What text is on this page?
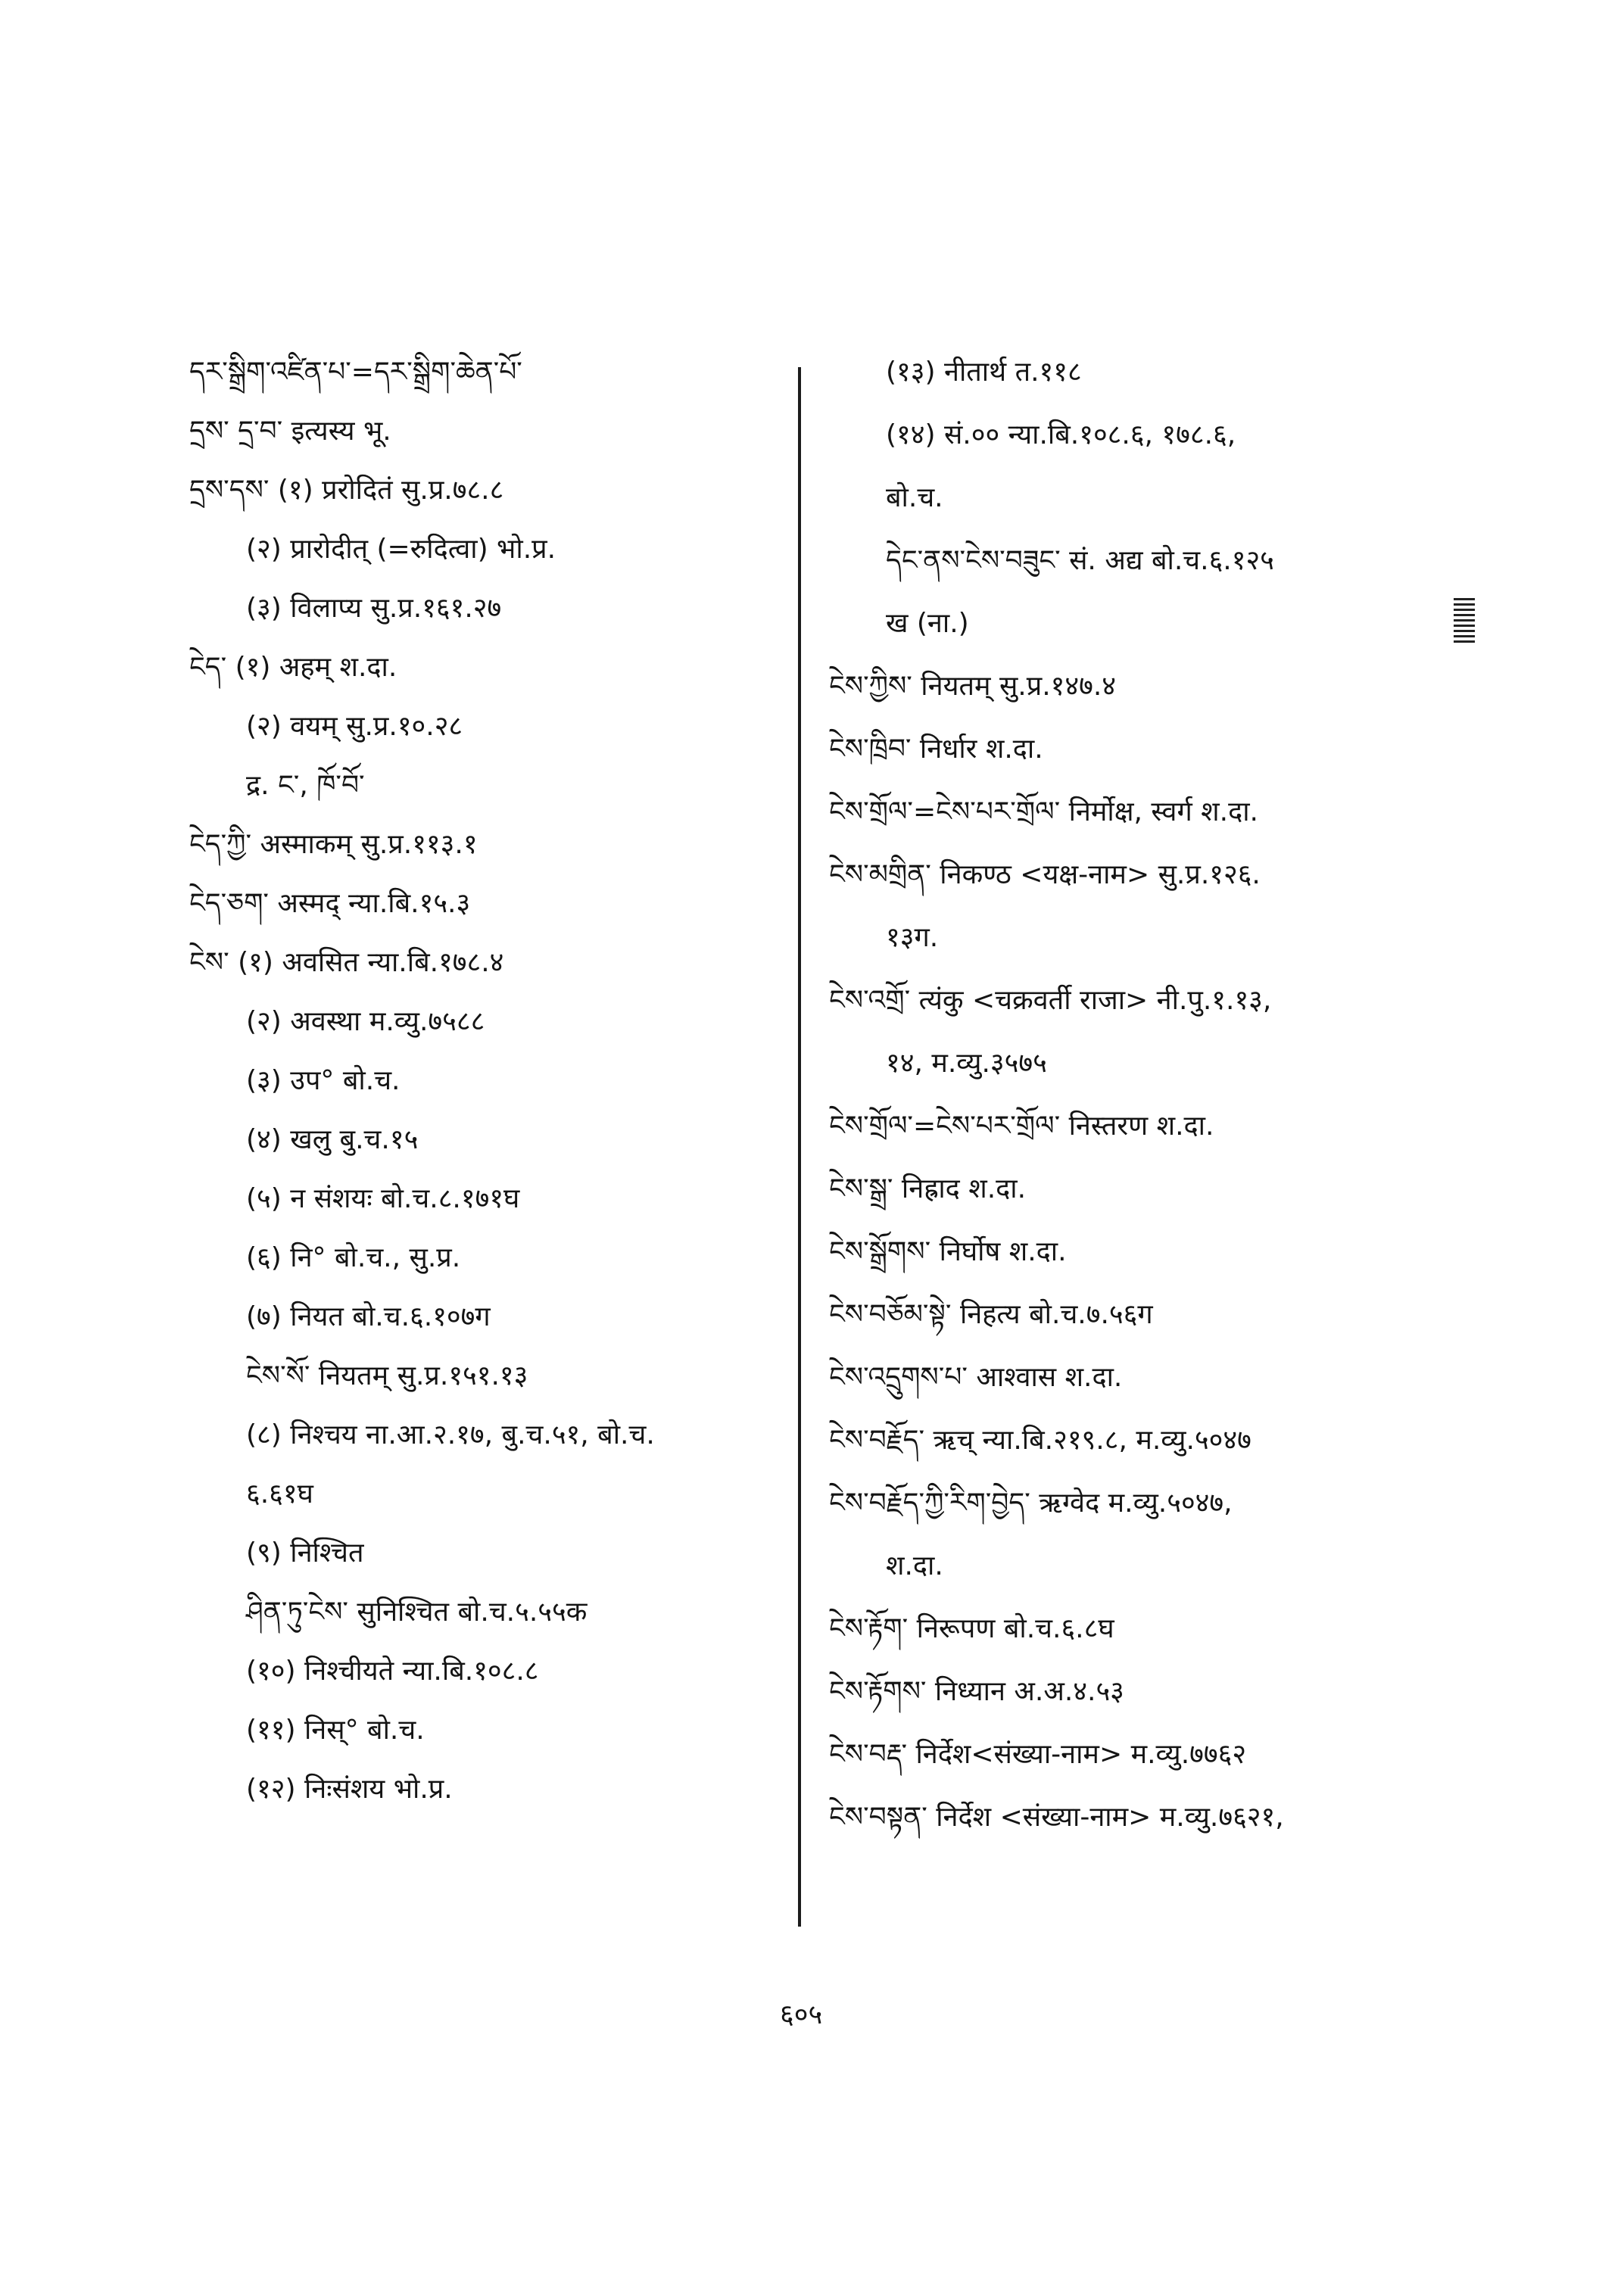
དར་སྒྲིག་འཛིན་པ་=དར་སྒྲིག་ཆེན་པོ་
དྲས་ དྲ་བ་ इत्यस्य भू.
དྲས་དས་ (१) प्ररोदितं सु.प्र.७८.८
(२) प्रारोदीत् (=रुदित्वा) भो.प्र.
(३) विलाप्य सु.प्र.१६१.२७
ངེད་ (१) अहम् श.दा.
(२) वयम् सु.प्र.१०.२८
द्र. ང་, ཁོ་བོ་
ངེད་ཀྱི་ अस्माकम् सु.प्र.११३.१
ངེད་ཅག་ अस्मद् न्या.बि.१५.३
ངེས་ (१) अवसित न्या.बि.१७८.४
(२) अवस्था म.व्यु.७५८८
(३) उप° बो.च.
(४) खलु बु.च.१५
(५) न संशयः बो.च.८.१७१घ
(६) नि° बो.च., सु.प्र.
(७) नियत बो.च.६.१०७ग
ངེས་སོ་ नियतम् सु.प्र.१५१.१३
(८) निश्चय ना.आ.२.१७, बु.च.५१, बो.च.
६.६१घ
(९) निश्चित
ཤིན་ཏུ་ངེས་ सुनिश्चित बो.च.५.५५क
(१०) निश्चीयते न्या.बि.१०८.८
(११) निस्° बो.च.
(१२) निःसंशय भो.प्र.
(१३) नीतार्थ त.११८
(१४) सं.०० न्या.बि.१०८.६, १७८.६,
बो.च.
དེང་ནས་ངེས་བཟུང་ सं. अद्य बो.च.६.१२५
ख (ना.)
ངེས་ཀྱིས་ नियतम् सु.प्र.१४७.४
ངེས་ཁྲིབ་ निर्धार श.दा.
ངེས་གྲོལ་=ངེས་པར་གྲོལ་ निर्मोक्ष, स्वर्ग श.दा.
ངེས་མགྲིན་ निकण्ठ <यक्ष-नाम> सु.प्र.१२६.
१३ग.
ངེས་འགྲོ་ त्यंकु <चक्रवर्ती राजा> नी.पु.१.१३,
१४, म.व्यु.३५७५
ངེས་གྲོལ་=ངེས་པར་གྲོལ་ निस्तरण श.दा.
ངེས་སྒྲ་ निह्राद श.दा.
ངེས་སྒྲོགས་ निर्घोष श.दा.
ངེས་བཅོམ་སྟེ་ निहत्य बो.च.७.५६ग
ངེས་འདྲུགས་པ་ आश्वास श.दा.
ངེས་བརྗོད་ ऋच् न्या.बि.२१९.८, म.व्यु.५०४७
ངེས་བརྗོད་ཀྱི་རིག་བྱེད་ ऋग्वेद म.व्यु.५०४७,
श.दा.
ངེས་རྟོག་ निरूपण बो.च.६.८घ
ངེས་རྟོགས་ निध्यान अ.अ.४.५३
ངེས་བརྡ་ निर्देश<संख्या-नाम> म.व्यु.७७६२
ངེས་བསྟན་ निर्देश <संख्या-नाम> म.व्यु.७६२१,
६०५
